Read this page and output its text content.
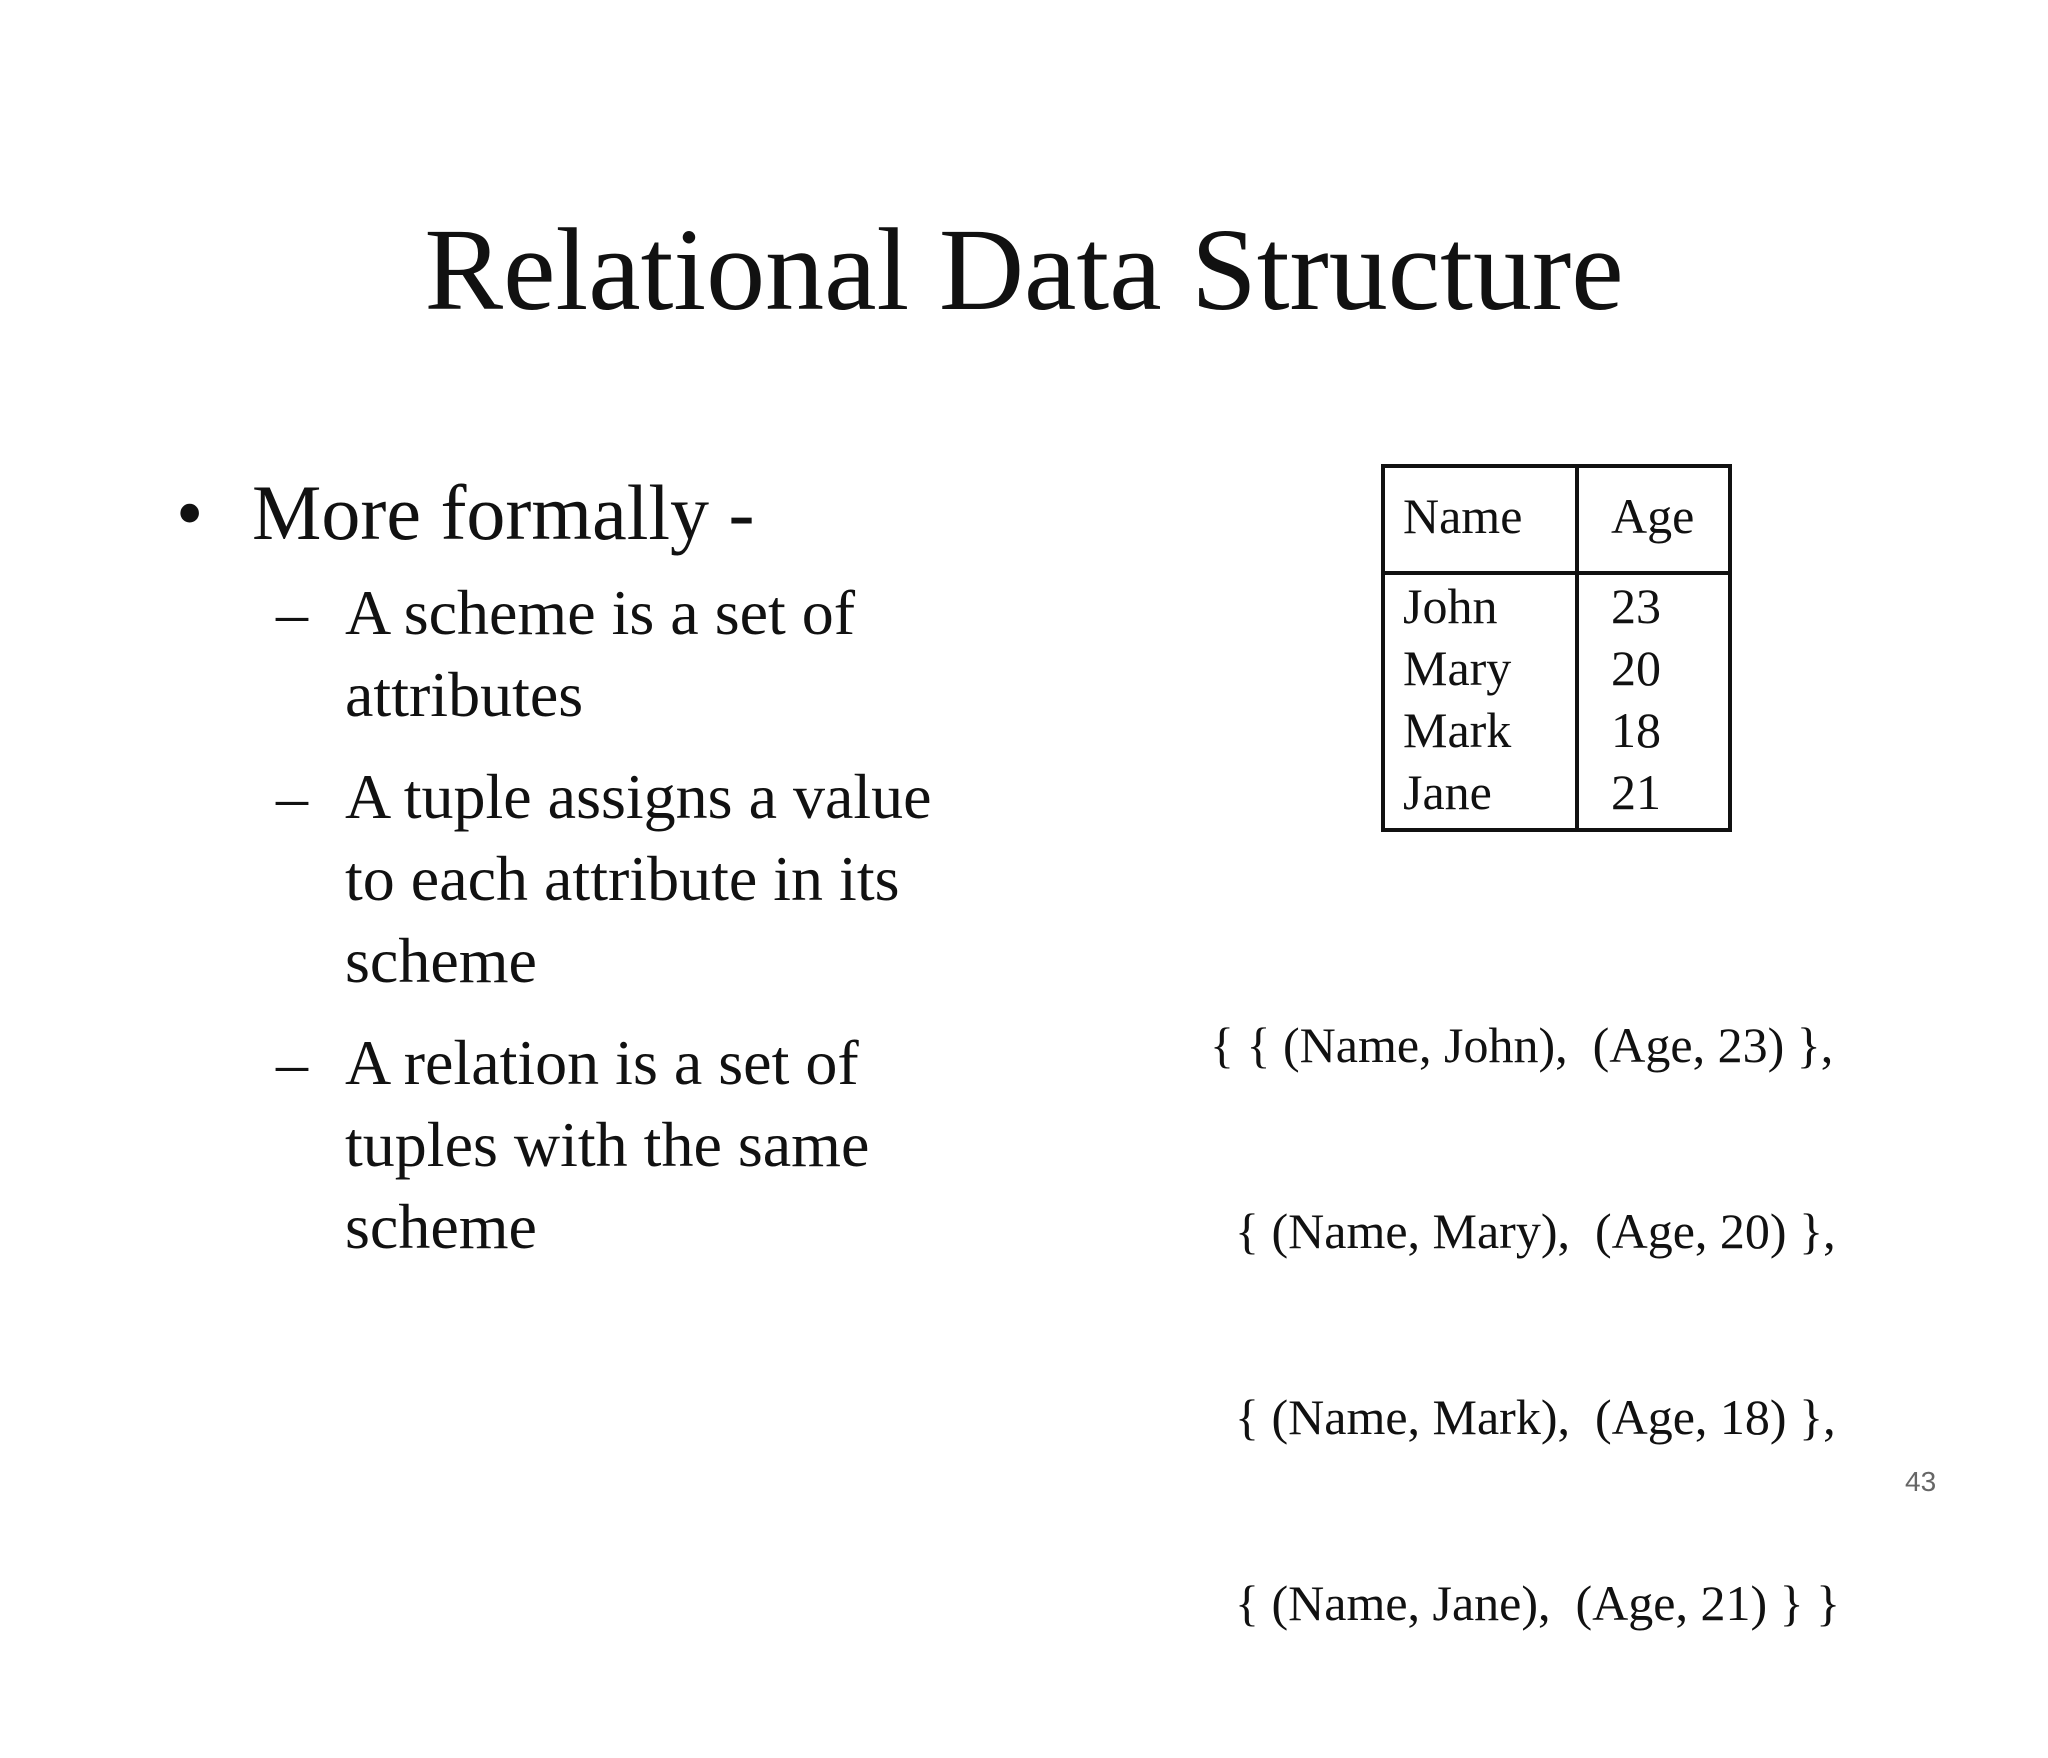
Relational Data Structure
• More formally -
– A scheme is a set of
attributes
– A tuple assigns a value
to each attribute in its
scheme
– A relation is a set of
tuples with the same
scheme
Name Age
John 23
Mary 20
Mark 18
Jane 21

{ { (Name, John),  (Age, 23) },

{ (Name, Mary),  (Age, 20) },

{ (Name, Mark),  (Age, 18) },

{ (Name, Jane),  (Age, 21) } }

43
